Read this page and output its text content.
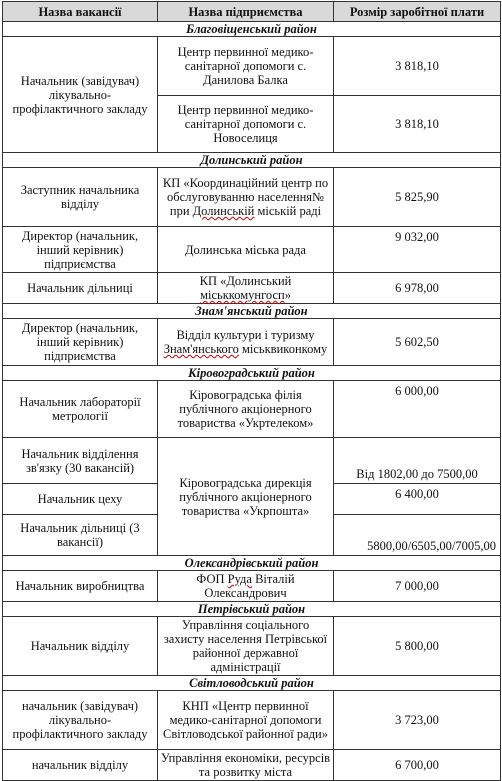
Назва вакансії	Назва підприємства	Розмір заробітної плати
Благовіщенський район		
Начальник (завідувач) лікувально-профілактичного закладу	Центр первинної медико-санітарної допомоги с. Данилова Балка	3 818,10
	Центр первинної медико-санітарної допомоги с. Новоселиця	3 818,10
Долинський район		
Заступник начальника відділу	КП «Координаційний центр по обслуговуванню населення№ при Долинській міській раді	5 825,90
Директор (начальник, інший керівник) підприємства	Долинська міська рада	9 032,00
Начальник дільниці	КП «Долинський міськкомунгосп»	6 978,00
Знам'янський район		
Директор (начальник, інший керівник) підприємства	Відділ культури і туризму Знам'янського міськвиконкому	5 602,50
Кіровоградський район		
Начальник лабораторії метрології	Кіровоградська філія публічного акціонерного товариства «Укртелеком»	6 000,00
Начальник відділення зв'язку (30 вакансій)	Кіровоградська дирекція публічного акціонерного товариства «Укрпошта»	Від 1802,00 до 7500,00
Начальник цеху		6 400,00
Начальник дільниці (3 вакансії)		5800,00/6505,00/7005,00
Олександрівський район		
Начальник виробництва	ФОП Руда Віталій Олександрович	7 000,00
Петрівський район		
Начальник відділу	Управління соціального захисту населення Петрівської районної державної адміністрації	5 800,00
Світловодський район		
начальник (завідувач) лікувально-профілактичного закладу	КНП «Центр первинної медико-санітарної допомоги Світловодської районної ради»	3 723,00
начальник відділу	Управління економіки, ресурсів та розвитку міста	6 700,00
